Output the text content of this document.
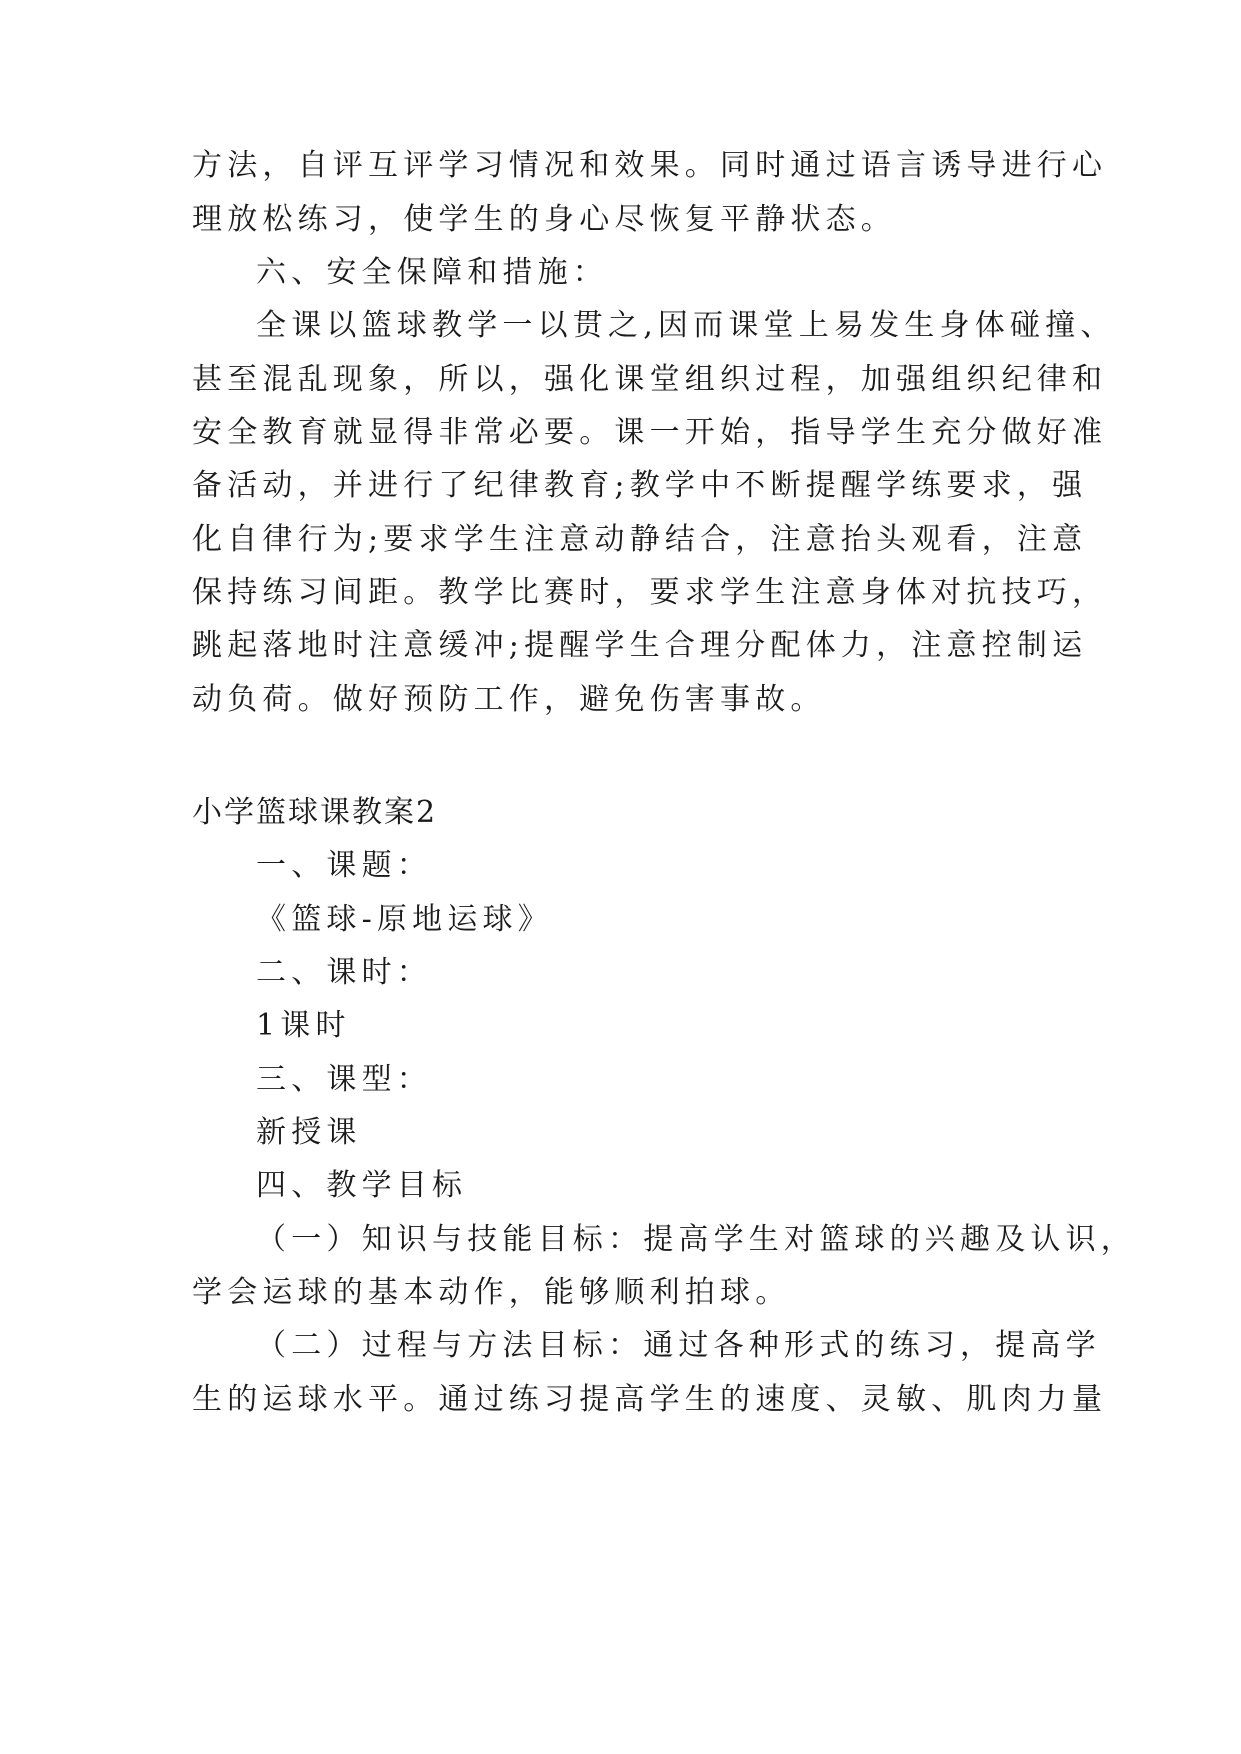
方法，自评互评学习情况和效果。同时通过语言诱导进行心
理放松练习，使学生的身心尽恢复平静状态。
六、安全保障和措施：
全课以篮球教学一以贯之,因而课堂上易发生身体碰撞、
甚至混乱现象，所以，强化课堂组织过程，加强组织纪律和
安全教育就显得非常必要。课一开始，指导学生充分做好准
备活动，并进行了纪律教育;教学中不断提醒学练要求，强
化自律行为;要求学生注意动静结合，注意抬头观看，注意
保持练习间距。教学比赛时，要求学生注意身体对抗技巧，
跳起落地时注意缓冲;提醒学生合理分配体力，注意控制运
动负荷。做好预防工作，避免伤害事故。
小学篮球课教案2
一、课题：
《篮球-原地运球》
二、课时：
1课时
三、课型：
新授课
四、教学目标
（一）知识与技能目标：提高学生对篮球的兴趣及认识，
学会运球的基本动作，能够顺利拍球。
（二）过程与方法目标：通过各种形式的练习，提高学
生的运球水平。通过练习提高学生的速度、灵敏、肌肉力量
